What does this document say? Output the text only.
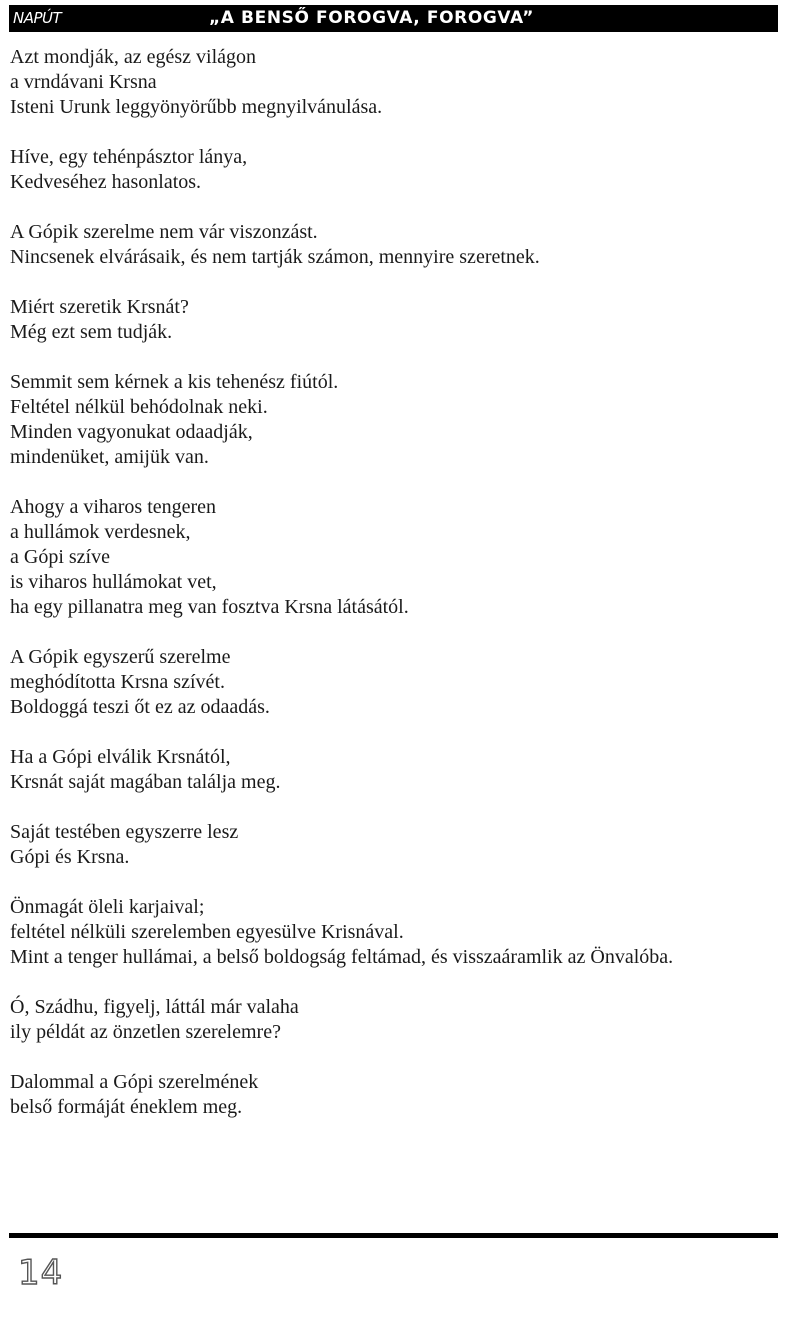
NAPÚT	„A BENSŐ FOROGVA, FOROGVA”

Azt mondják, az egész világon
a vrndávani Krsna
Isteni Urunk leggyönyörűbb megnyilvánulása.

Híve, egy tehénpásztor lánya,
Kedveséhez hasonlatos.

A Gópik szerelme nem vár viszonzást.
Nincsenek elvárásaik, és nem tartják számon, mennyire szeretnek.

Miért szeretik Krsnát?
Még ezt sem tudják.

Semmit sem kérnek a kis tehenész fiútól.
Feltétel nélkül behódolnak neki.
Minden vagyonukat odaadják,
mindenüket, amijük van.

Ahogy a viharos tengeren
a hullámok verdesnek,
a Gópi szíve
is viharos hullámokat vet,
ha egy pillanatra meg van fosztva Krsna látásától.

A Gópik egyszerű szerelme
meghódította Krsna szívét.
Boldoggá teszi őt ez az odaadás.

Ha a Gópi elválik Krsnától,
Krsnát saját magában találja meg.

Saját testében egyszerre lesz
Gópi és Krsna.

Önmagát öleli karjaival;
feltétel nélküli szerelemben egyesülve Krisnával.
Mint a tenger hullámai, a belső boldogság feltámad, és visszaáramlik az Önvalóba.

Ó, Szádhu, figyelj, láttál már valaha
ily példát az önzetlen szerelemre?

Dalommal a Gópi szerelmének
belső formáját éneklem meg.

14
